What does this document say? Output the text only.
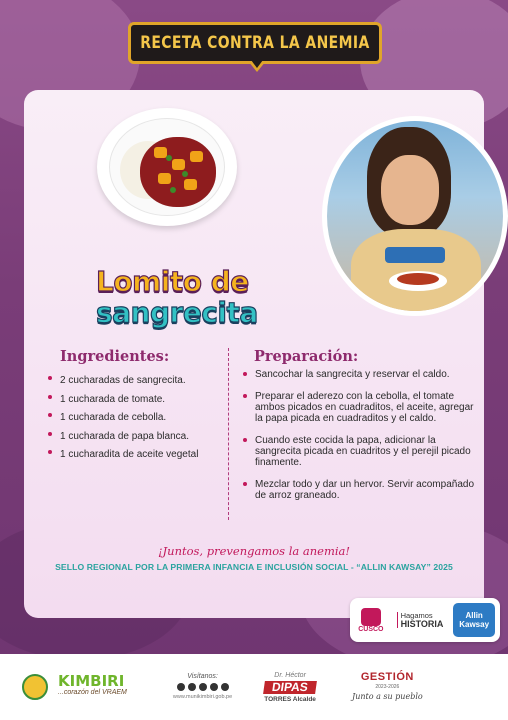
RECETA CONTRA LA ANEMIA
Lomito de
sangrecita
Ingredientes:	Preparación:
2 cucharadas de sangrecita.
1 cucharada de tomate.
1 cucharada de cebolla.
1 cucharada de papa blanca.
1 cucharadita de aceite vegetal
Sancochar la sangrecita y reservar el caldo.
Preparar el aderezo con la cebolla, el tomate ambos picados en cuadraditos, el aceite, agregar la papa picada en cuadraditos y el caldo.
Cuando este cocida la papa, adicionar la sangrecita picada en cuadritos y el perejil picado finamente.
Mezclar todo y dar un hervor. Servir acompañado de arroz graneado.
¡Juntos, prevengamos la anemia!
SELLO REGIONAL POR LA PRIMERA INFANCIA E INCLUSIÓN SOCIAL - “ALLIN KAWSAY” 2025
CUSCO
Hagamos
HISTORIA
Allin Kawsay
KIMBIRI
...corazón del VRAEM
Visítanos:
www.munikimbiri.gob.pe
Dr. Héctor
DIPAS
TORRES Alcalde
GESTIÓN
2023-2026
Junto a su pueblo
